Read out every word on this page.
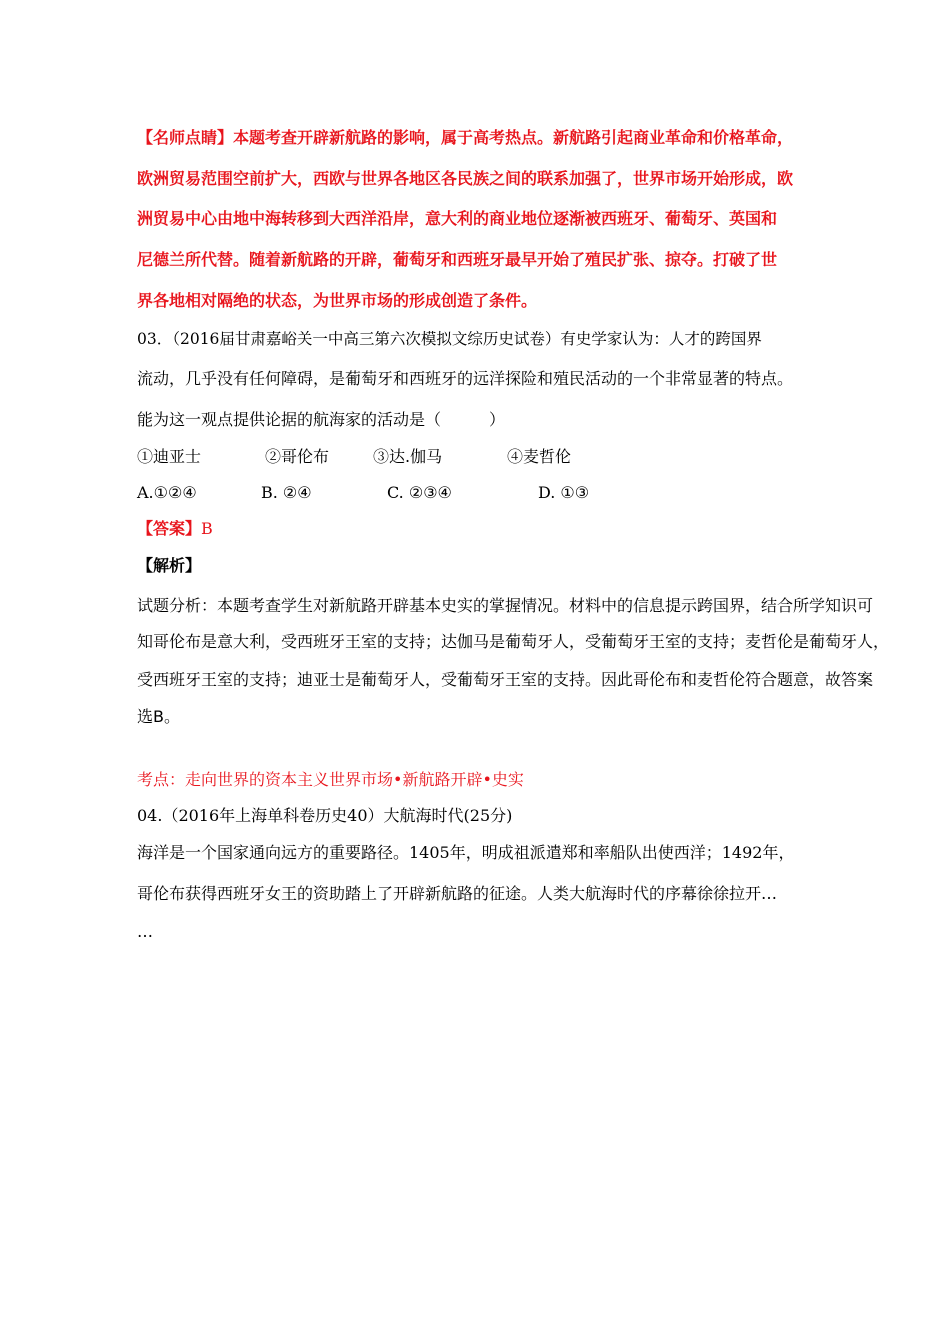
【名师点睛】本题考查开辟新航路的影响，属于高考热点。新航路引起商业革命和价格革命，
欧洲贸易范围空前扩大，西欧与世界各地区各民族之间的联系加强了，世界市场开始形成，欧
洲贸易中心由地中海转移到大西洋沿岸，意大利的商业地位逐渐被西班牙、葡萄牙、英国和
尼德兰所代替。随着新航路的开辟，葡萄牙和西班牙最早开始了殖民扩张、掠夺。打破了世
界各地相对隔绝的状态，为世界市场的形成创造了条件。
03．（2016届甘肃嘉峪关一中高三第六次模拟文综历史试卷）有史学家认为：人才的跨国界
流动，几乎没有任何障碍，是葡萄牙和西班牙的远洋探险和殖民活动的一个非常显著的特点。
能为这一观点提供论据的航海家的活动是（　　　）
①迪亚士	②哥伦布	③达.伽马	④麦哲伦
A.①②④	B. ②④	C. ②③④	D. ①③
【答案】B
【解析】
试题分析：本题考查学生对新航路开辟基本史实的掌握情况。材料中的信息提示跨国界，结合所学知识可
知哥伦布是意大利，受西班牙王室的支持；达伽马是葡萄牙人，受葡萄牙王室的支持；麦哲伦是葡萄牙人，
受西班牙王室的支持；迪亚士是葡萄牙人，受葡萄牙王室的支持。因此哥伦布和麦哲伦符合题意，故答案
选B。
考点：走向世界的资本主义世界市场•新航路开辟•史实
04.（2016年上海单科卷历史40）大航海时代(25分)
海洋是一个国家通向远方的重要路径。1405年，明成祖派遣郑和率船队出使西洋；1492年，
哥伦布获得西班牙女王的资助踏上了开辟新航路的征途。人类大航海时代的序幕徐徐拉开…
…
